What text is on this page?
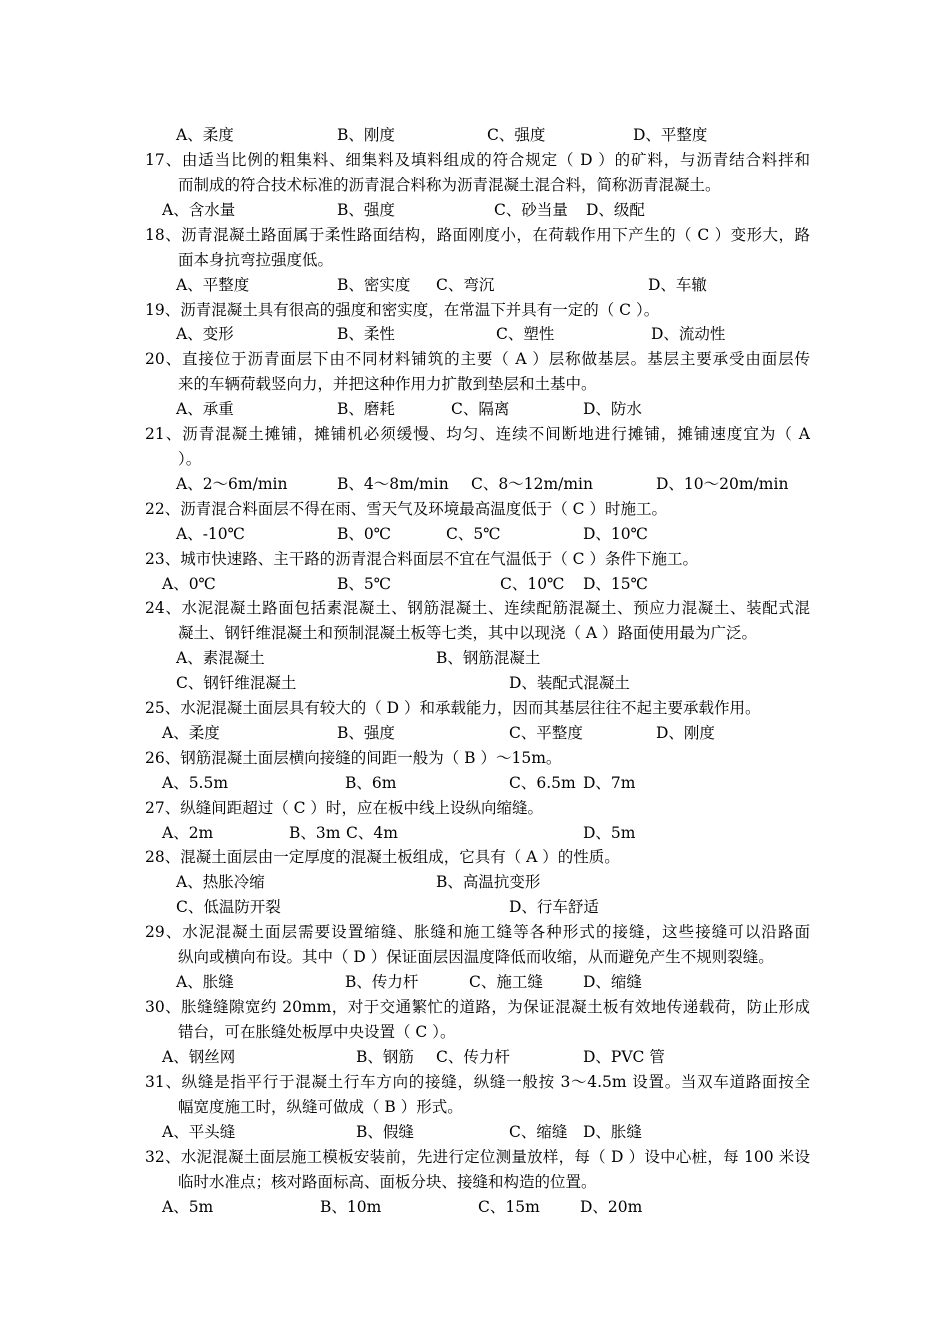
A、柔度	B、刚度	C、强度	D、平整度
17、由适当比例的粗集料、细集料及填料组成的符合规定（ D ）的矿料，与沥青结合料拌和
而制成的符合技术标准的沥青混合料称为沥青混凝土混合料，简称沥青混凝土。
A、含水量	B、强度	C、砂当量 D、级配
18、沥青混凝土路面属于柔性路面结构，路面刚度小，在荷载作用下产生的（ C ）变形大，路
面本身抗弯拉强度低。
A、平整度	B、密实度 C、弯沉	D、车辙
19、沥青混凝土具有很高的强度和密实度，在常温下并具有一定的（ C ）。
A、变形	B、柔性	C、塑性	D、流动性
20、直接位于沥青面层下由不同材料铺筑的主要（ A ）层称做基层。基层主要承受由面层传
来的车辆荷载竖向力，并把这种作用力扩散到垫层和土基中。
A、承重	B、磨耗	C、隔离	D、防水
21、沥青混凝土摊铺，摊铺机必须缓慢、均匀、连续不间断地进行摊铺，摊铺速度宜为（ A
）。
A、2～6m/min	B、4～8m/min C、8～12m/min	D、10～20m/min
22、沥青混合料面层不得在雨、雪天气及环境最高温度低于（ C ）时施工。
A、-10℃	B、0℃	C、5℃	D、10℃
23、城市快速路、主干路的沥青混合料面层不宜在气温低于（ C ）条件下施工。
A、0℃	B、5℃	C、10℃ D、15℃
24、水泥混凝土路面包括素混凝土、钢筋混凝土、连续配筋混凝土、预应力混凝土、装配式混
凝土、钢钎维混凝土和预制混凝土板等七类，其中以现浇（ A ）路面使用最为广泛。
A、素混凝土	B、钢筋混凝土
C、钢钎维混凝土	D、装配式混凝土
25、水泥混凝土面层具有较大的（ D ）和承载能力，因而其基层往往不起主要承载作用。
A、柔度	B、强度	C、平整度	D、刚度
26、钢筋混凝土面层横向接缝的间距一般为（ B ）～15m。
A、5.5m	B、6m	C、6.5m D、7m
27、纵缝间距超过（ C ）时，应在板中线上设纵向缩缝。
A、2m	B、3m C、4m	D、5m
28、混凝土面层由一定厚度的混凝土板组成，它具有（ A ）的性质。
A、热胀冷缩	B、高温抗变形
C、低温防开裂	D、行车舒适
29、水泥混凝土面层需要设置缩缝、胀缝和施工缝等各种形式的接缝，这些接缝可以沿路面
纵向或横向布设。其中（ D ）保证面层因温度降低而收缩，从而避免产生不规则裂缝。
A、胀缝	B、传力杆	C、施工缝	D、缩缝
30、胀缝缝隙宽约 20mm，对于交通繁忙的道路，为保证混凝土板有效地传递载荷，防止形成
错台，可在胀缝处板厚中央设置（ C ）。
A、钢丝网	B、钢筋 C、传力杆	D、PVC 管
31、纵缝是指平行于混凝土行车方向的接缝，纵缝一般按 3～4.5m 设置。当双车道路面按全
幅宽度施工时，纵缝可做成（ B ）形式。
A、平头缝	B、假缝	C、缩缝 D、胀缝
32、水泥混凝土面层施工模板安装前，先进行定位测量放样，每（ D ）设中心桩，每 100 米设
临时水准点；核对路面标高、面板分块、接缝和构造的位置。
A、5m	B、10m	C、15m	D、20m
